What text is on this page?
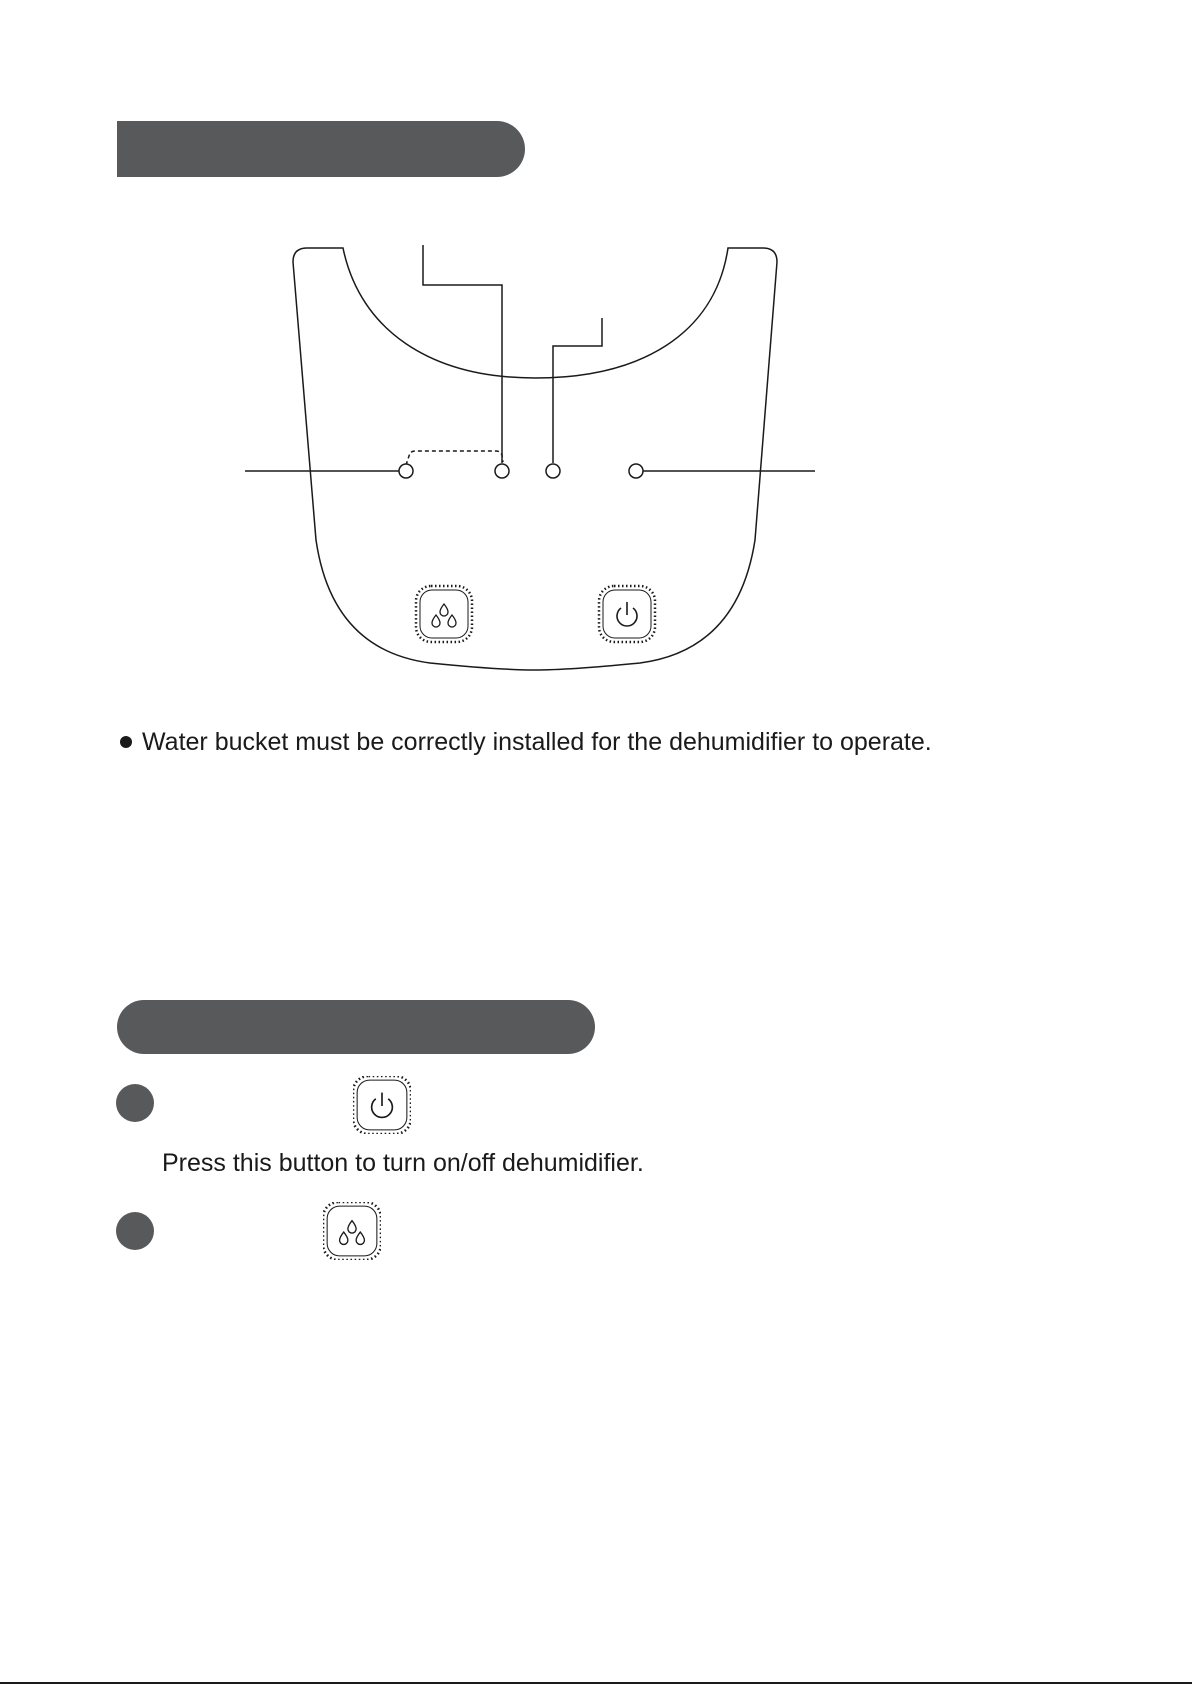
Water bucket must be correctly installed for the dehumidifier to operate.
Press this button to turn on/off dehumidifier.
